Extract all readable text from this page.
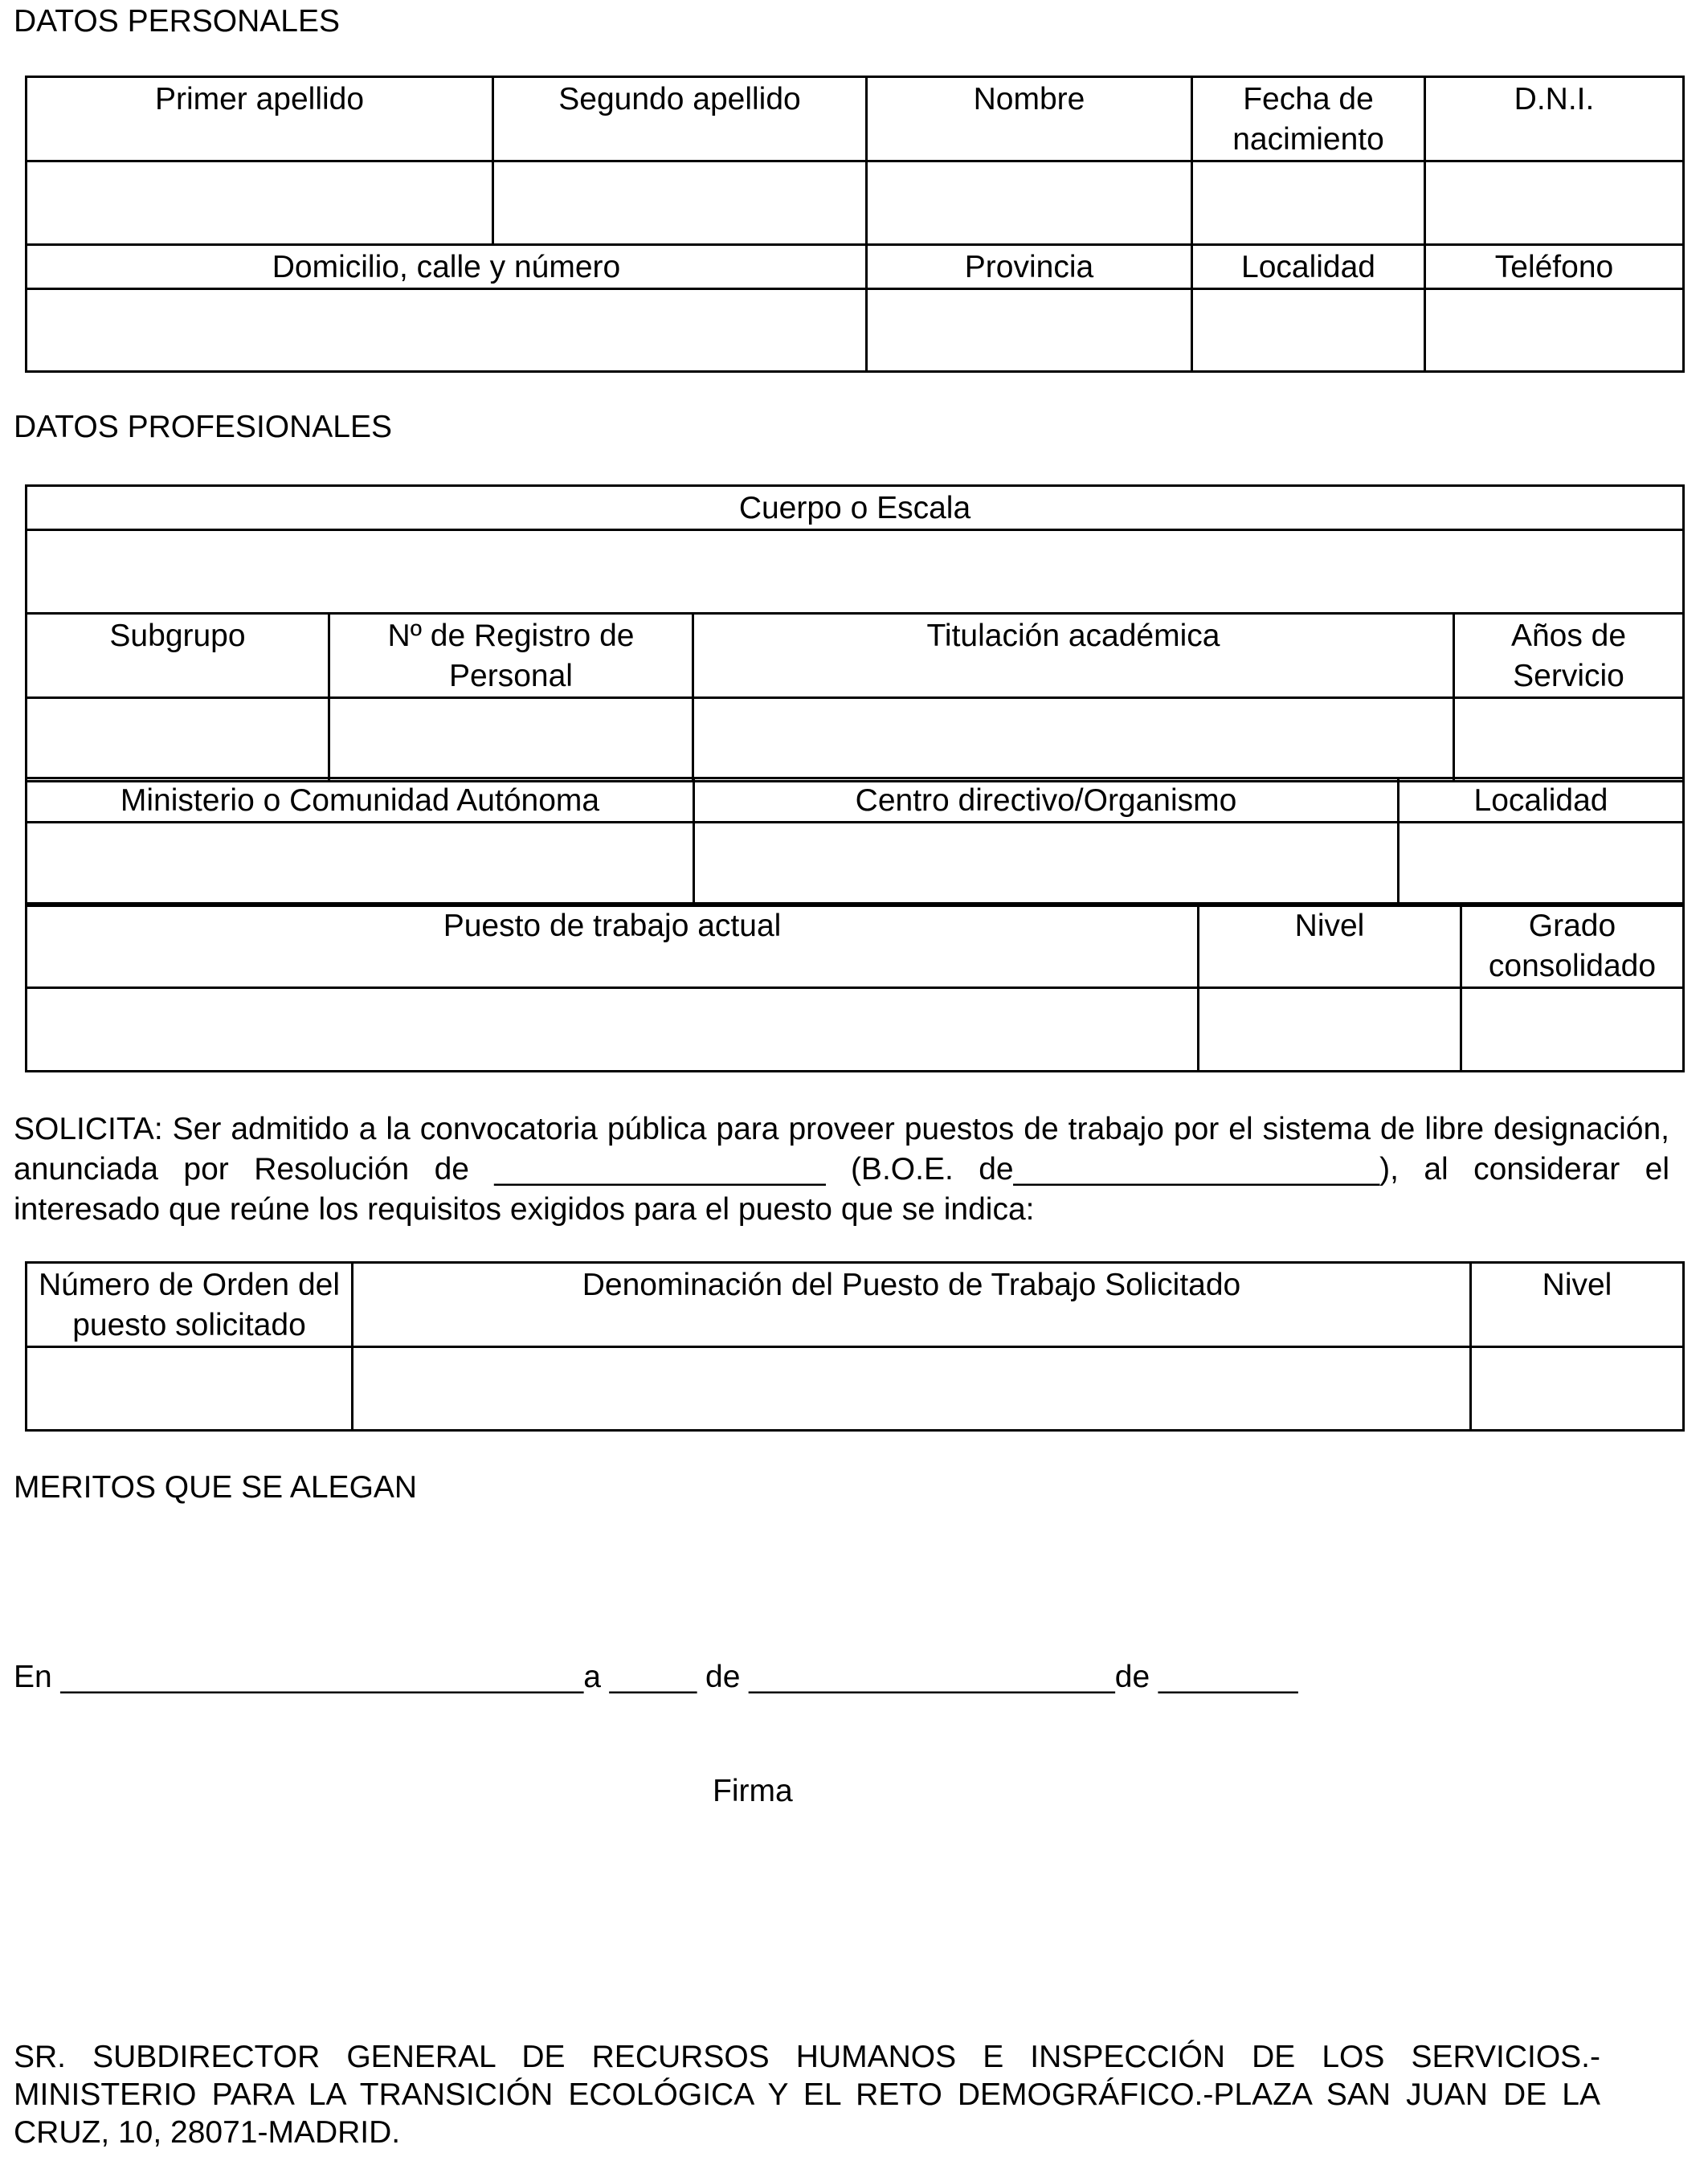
DATOS PERSONALES
Primer apellido	Segundo apellido	Nombre	Fecha de nacimiento	D.N.I.

Domicilio, calle y número		Provincia	Localidad	Teléfono

DATOS PROFESIONALES
Cuerpo o Escala			

Subgrupo	Nº de Registro de Personal	Titulación académica	Años de Servicio

Ministerio o Comunidad Autónoma	Centro directivo/Organismo	Localidad

Puesto de trabajo actual	Nivel	Grado consolidado

SOLICITA: Ser admitido a la convocatoria pública para proveer puestos de trabajo por el sistema de libre designación, anunciada por Resolución de ___________________ (B.O.E. de_____________________), al considerar el interesado que reúne los requisitos exigidos para el puesto que se indica:

Número de Orden del puesto solicitado	Denominación del Puesto de Trabajo Solicitado	Nivel

MERITOS QUE SE ALEGAN

En ______________________________a _____ de _____________________de ________

Firma

SR. SUBDIRECTOR GENERAL DE RECURSOS HUMANOS E INSPECCIÓN DE LOS SERVICIOS.-MINISTERIO PARA LA TRANSICIÓN ECOLÓGICA Y EL RETO DEMOGRÁFICO.-PLAZA SAN JUAN DE LA CRUZ, 10, 28071-MADRID.
